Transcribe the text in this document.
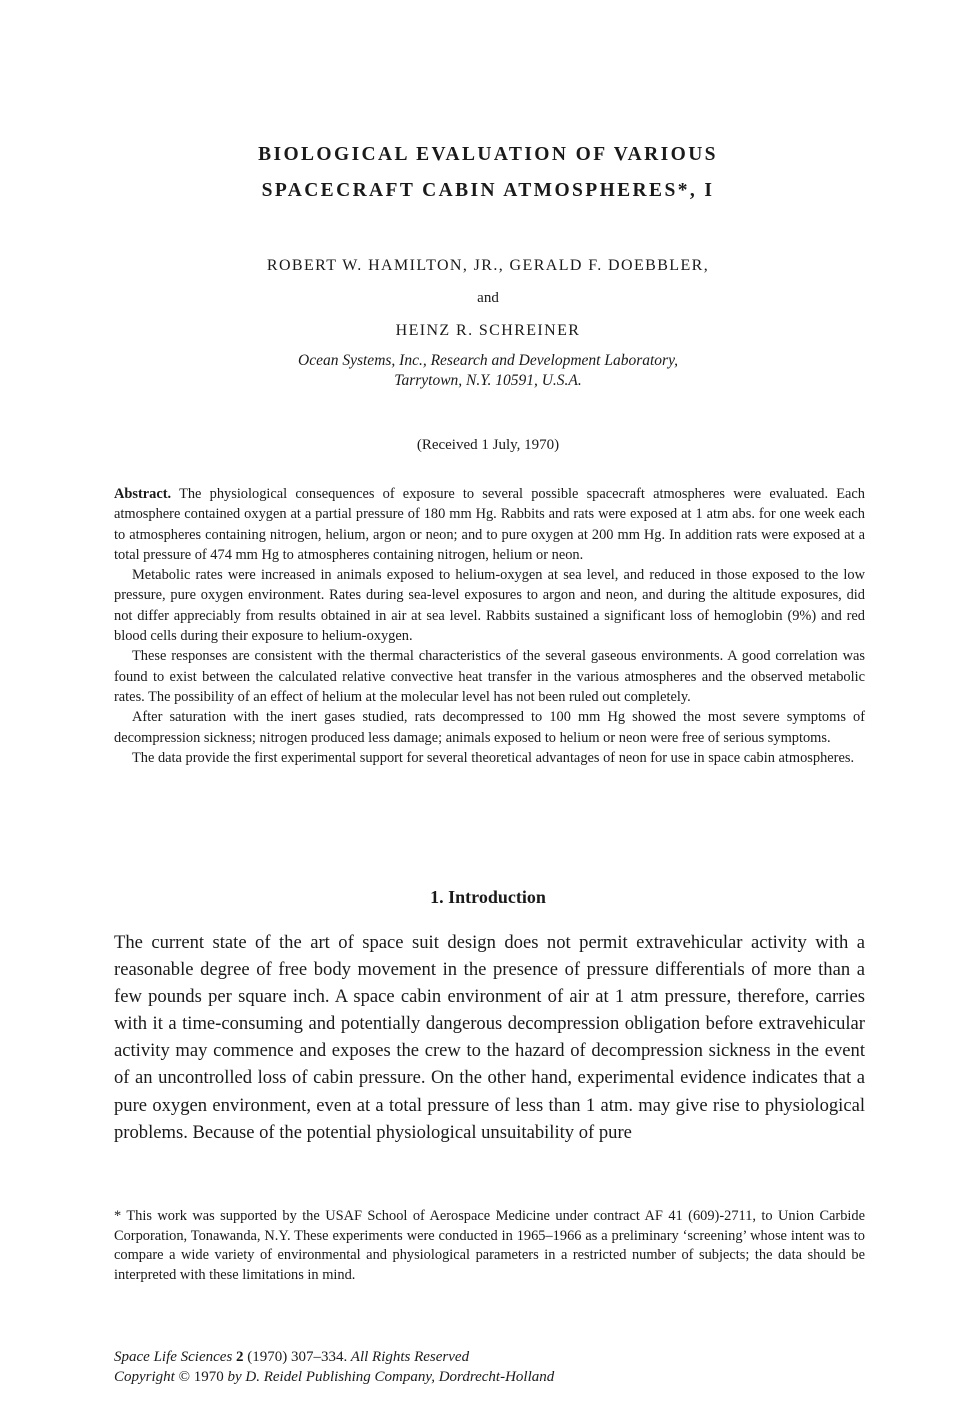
BIOLOGICAL EVALUATION OF VARIOUS
SPACECRAFT CABIN ATMOSPHERES*, I
ROBERT W. HAMILTON, JR., GERALD F. DOEBBLER,
and
HEINZ R. SCHREINER
Ocean Systems, Inc., Research and Development Laboratory,
Tarrytown, N.Y. 10591, U.S.A.
(Received 1 July, 1970)

Abstract. The physiological consequences of exposure to several possible spacecraft atmospheres were evaluated. Each atmosphere contained oxygen at a partial pressure of 180 mm Hg. Rabbits and rats were exposed at 1 atm abs. for one week each to atmospheres containing nitrogen, helium, argon or neon; and to pure oxygen at 200 mm Hg. In addition rats were exposed at a total pressure of 474 mm Hg to atmospheres containing nitrogen, helium or neon.

Metabolic rates were increased in animals exposed to helium-oxygen at sea level, and reduced in those exposed to the low pressure, pure oxygen environment. Rates during sea-level exposures to argon and neon, and during the altitude exposures, did not differ appreciably from results obtained in air at sea level. Rabbits sustained a significant loss of hemoglobin (9%) and red blood cells during their exposure to helium-oxygen.

These responses are consistent with the thermal characteristics of the several gaseous environments. A good correlation was found to exist between the calculated relative convective heat transfer in the various atmospheres and the observed metabolic rates. The possibility of an effect of helium at the molecular level has not been ruled out completely.

After saturation with the inert gases studied, rats decompressed to 100 mm Hg showed the most severe symptoms of decompression sickness; nitrogen produced less damage; animals exposed to helium or neon were free of serious symptoms.

The data provide the first experimental support for several theoretical advantages of neon for use in space cabin atmospheres.

1. Introduction

The current state of the art of space suit design does not permit extravehicular activity with a reasonable degree of free body movement in the presence of pressure differentials of more than a few pounds per square inch. A space cabin environment of air at 1 atm pressure, therefore, carries with it a time-consuming and potentially dangerous decompression obligation before extravehicular activity may commence and exposes the crew to the hazard of decompression sickness in the event of an uncontrolled loss of cabin pressure. On the other hand, experimental evidence indicates that a pure oxygen environment, even at a total pressure of less than 1 atm. may give rise to physiological problems. Because of the potential physiological unsuitability of pure

* This work was supported by the USAF School of Aerospace Medicine under contract AF 41 (609)-2711, to Union Carbide Corporation, Tonawanda, N.Y. These experiments were conducted in 1965–1966 as a preliminary ‘screening’ whose intent was to compare a wide variety of environmental and physiological parameters in a restricted number of subjects; the data should be interpreted with these limitations in mind.

Space Life Sciences 2 (1970) 307–334. All Rights Reserved
Copyright © 1970 by D. Reidel Publishing Company, Dordrecht-Holland
